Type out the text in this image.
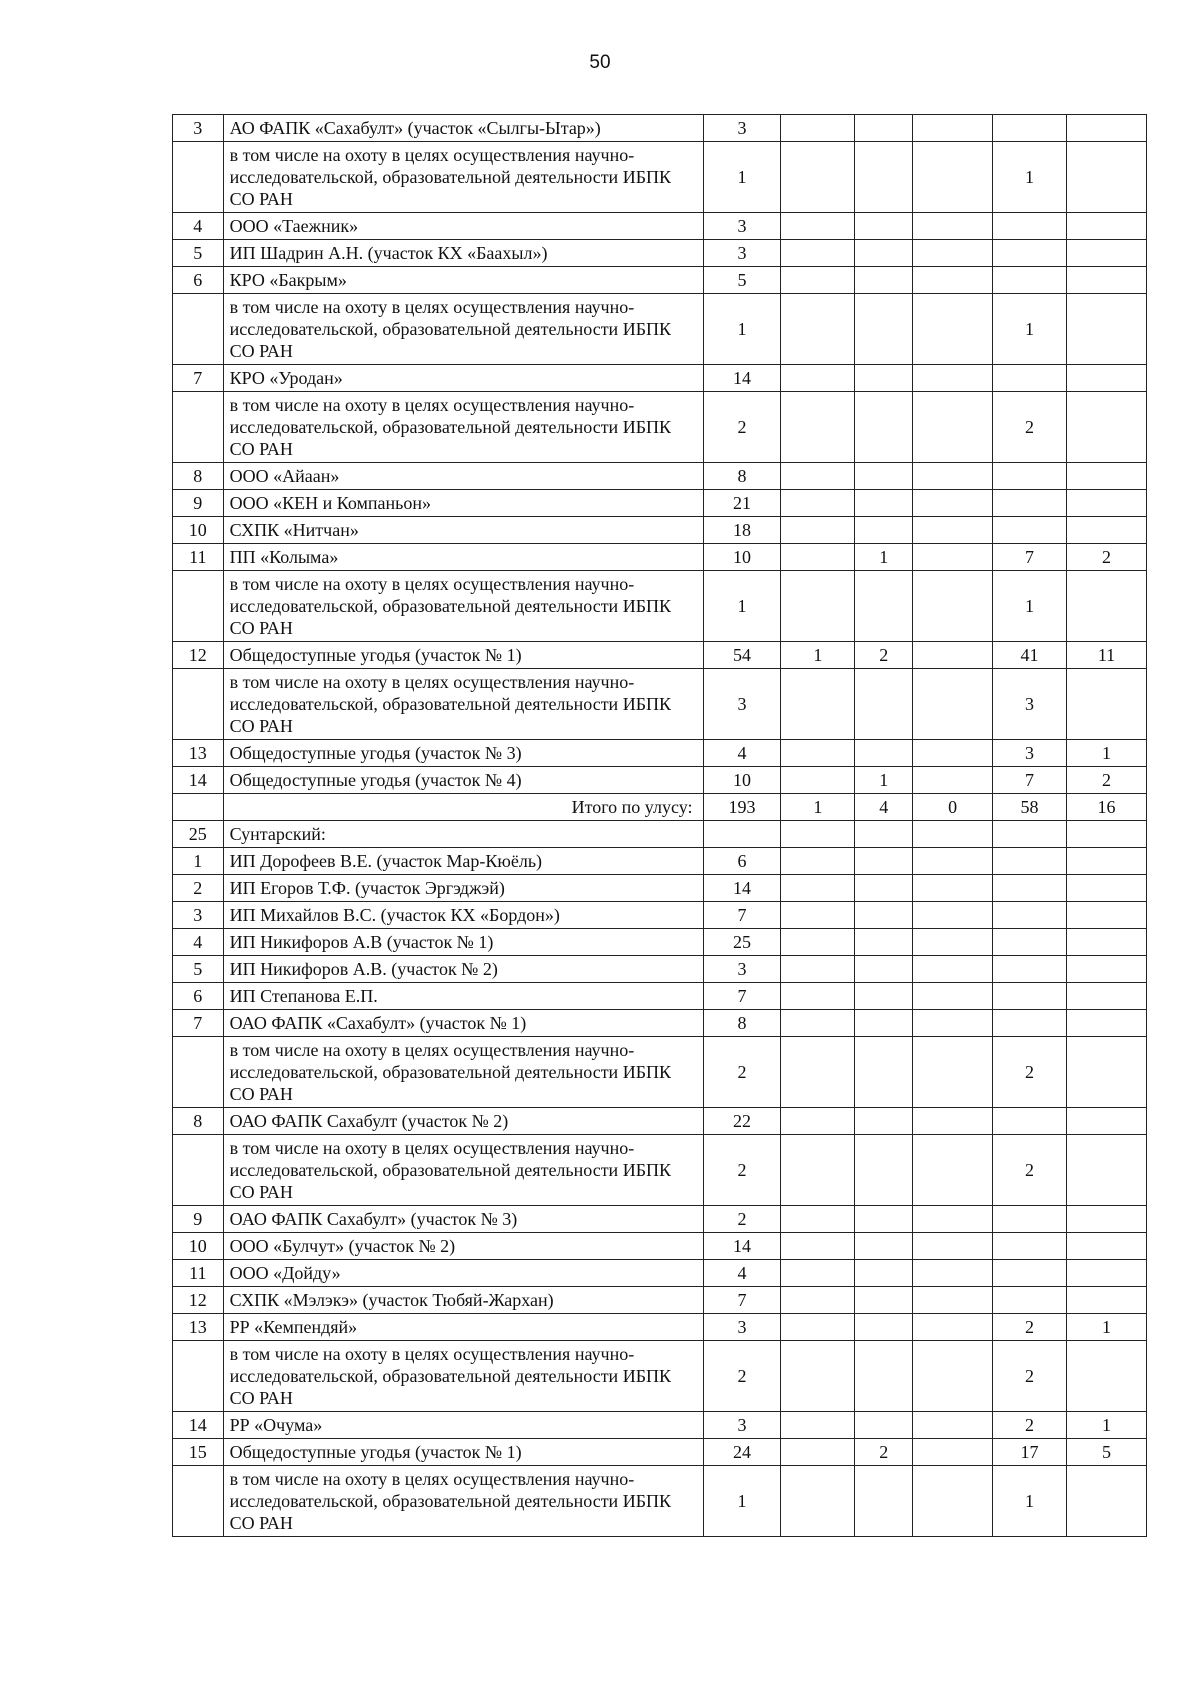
50
3	АО ФАПК «Сахабулт» (участок «Сылгы-Ытар»)	3					
	в том числе на охоту в целях осуществления научно-исследовательской, образовательной деятельности ИБПК СО РАН	1				1	
4	ООО «Таежник»	3					
5	ИП Шадрин А.Н. (участок КХ «Баахыл»)	3					
6	КРО «Бакрым»	5					
	в том числе на охоту в целях осуществления научно-исследовательской, образовательной деятельности ИБПК СО РАН	1				1	
7	КРО «Уродан»	14					
	в том числе на охоту в целях осуществления научно-исследовательской, образовательной деятельности ИБПК СО РАН	2				2	
8	ООО «Айаан»	8					
9	ООО «КЕН и Компаньон»	21					
10	СХПК «Нитчан»	18					
11	ПП «Колыма»	10		1		7	2
	в том числе на охоту в целях осуществления научно-исследовательской, образовательной деятельности ИБПК СО РАН	1				1	
12	Общедоступные угодья (участок № 1)	54	1	2		41	11
	в том числе на охоту в целях осуществления научно-исследовательской, образовательной деятельности ИБПК СО РАН	3				3	
13	Общедоступные угодья (участок № 3)	4				3	1
14	Общедоступные угодья (участок № 4)	10		1		7	2
	Итого по улусу:	193	1	4	0	58	16
25	Сунтарский:						
1	ИП Дорофеев В.Е. (участок Мар-Кюёль)	6					
2	ИП Егоров Т.Ф. (участок Эргэджэй)	14					
3	ИП Михайлов В.С. (участок КХ «Бордон»)	7					
4	ИП Никифоров А.В (участок № 1)	25					
5	ИП Никифоров А.В. (участок № 2)	3					
6	ИП Степанова Е.П.	7					
7	ОАО ФАПК «Сахабулт» (участок № 1)	8					
	в том числе на охоту в целях осуществления научно-исследовательской, образовательной деятельности ИБПК СО РАН	2				2	
8	ОАО ФАПК Сахабулт (участок № 2)	22					
	в том числе на охоту в целях осуществления научно-исследовательской, образовательной деятельности ИБПК СО РАН	2				2	
9	ОАО ФАПК Сахабулт» (участок № 3)	2					
10	ООО «Булчут» (участок № 2)	14					
11	ООО «Дойду»	4					
12	СХПК «Мэлэкэ» (участок Тюбяй-Жархан)	7					
13	РР «Кемпендяй»	3				2	1
	в том числе на охоту в целях осуществления научно-исследовательской, образовательной деятельности ИБПК СО РАН	2				2	
14	РР «Очума»	3				2	1
15	Общедоступные угодья (участок № 1)	24		2		17	5
	в том числе на охоту в целях осуществления научно-исследовательской, образовательной деятельности ИБПК СО РАН	1				1	
